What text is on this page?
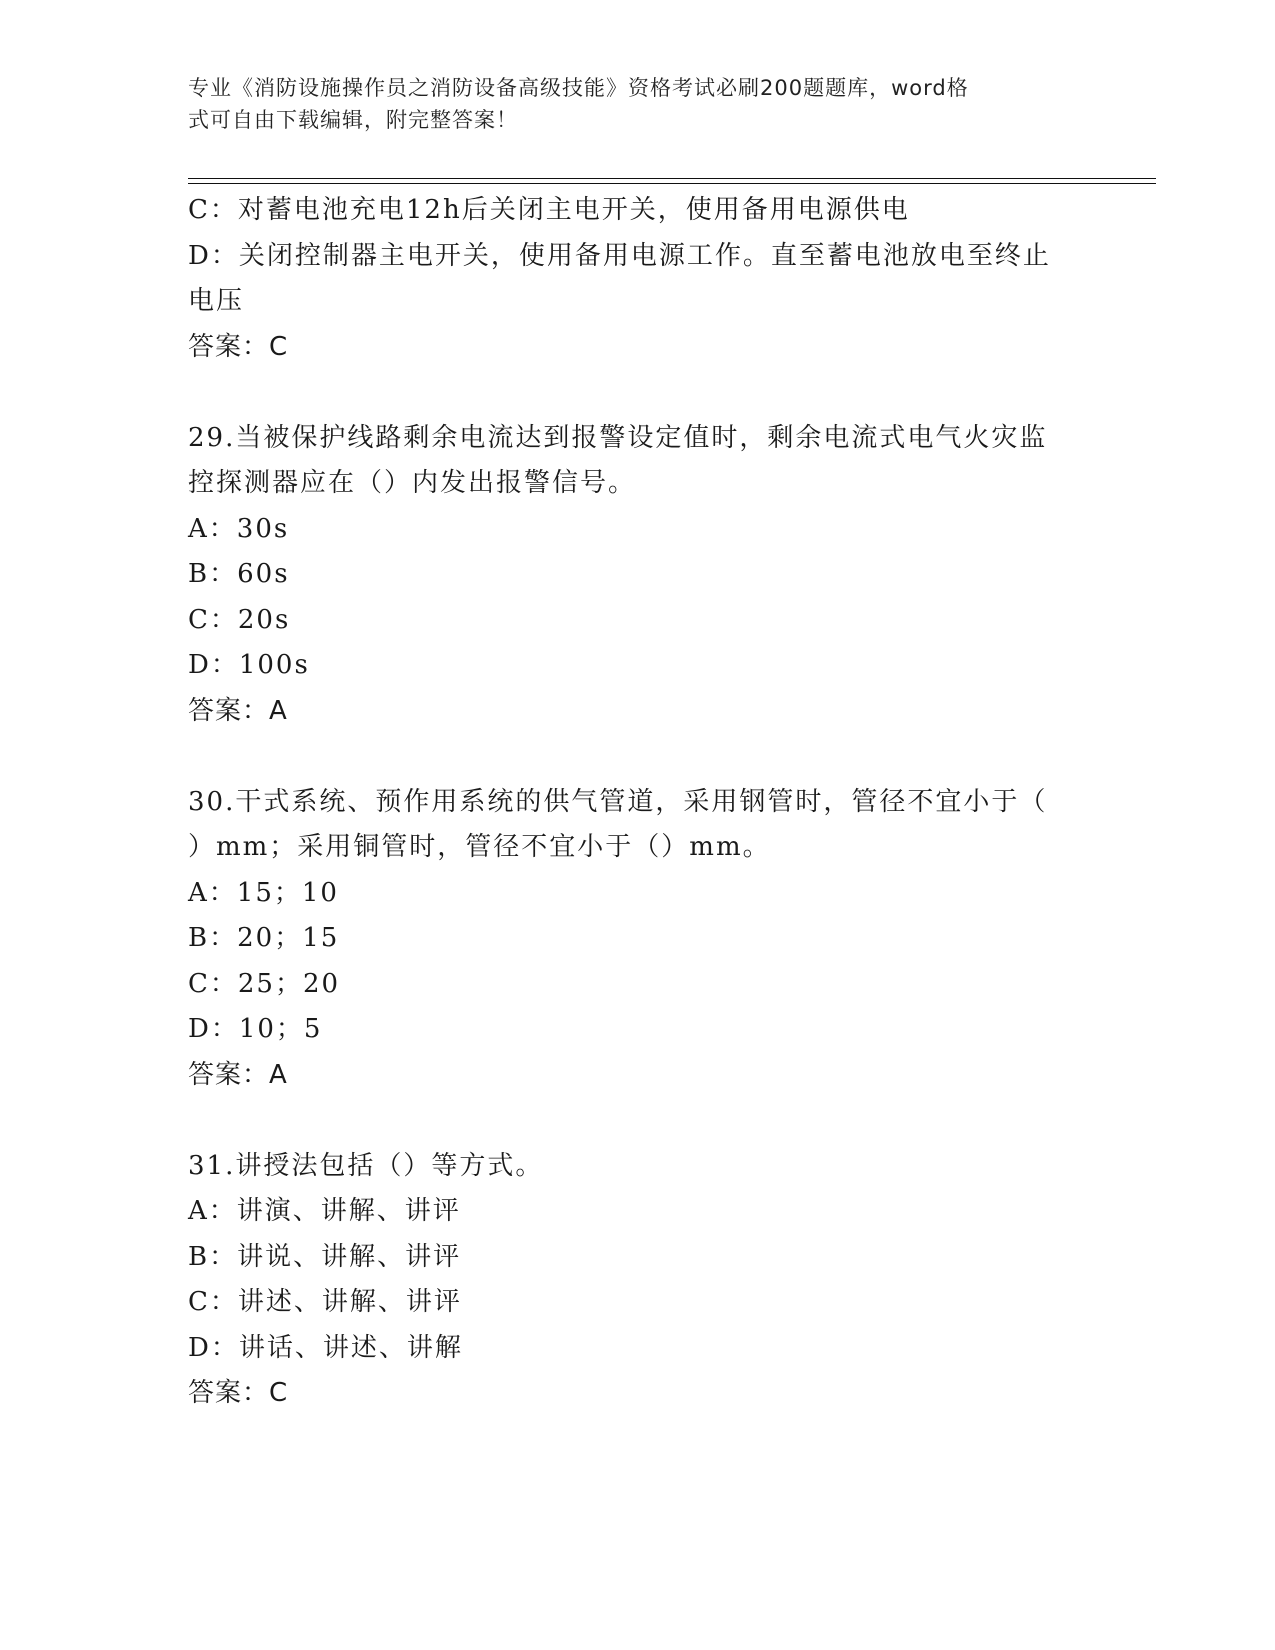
专业《消防设施操作员之消防设备高级技能》资格考试必刷200题题库，word格
式可自由下载编辑，附完整答案！
C：对蓄电池充电12h后关闭主电开关，使用备用电源供电
D：关闭控制器主电开关，使用备用电源工作。直至蓄电池放电至终止
电压
答案：C
29.当被保护线路剩余电流达到报警设定值时，剩余电流式电气火灾监
控探测器应在（）内发出报警信号。
A：30s
B：60s
C：20s
D：100s
答案：A
30.干式系统、预作用系统的供气管道，采用钢管时，管径不宜小于（
）mm；采用铜管时，管径不宜小于（）mm。
A：15；10
B：20；15
C：25；20
D：10；5
答案：A
31.讲授法包括（）等方式。
A：讲演、讲解、讲评
B：讲说、讲解、讲评
C：讲述、讲解、讲评
D：讲话、讲述、讲解
答案：C
